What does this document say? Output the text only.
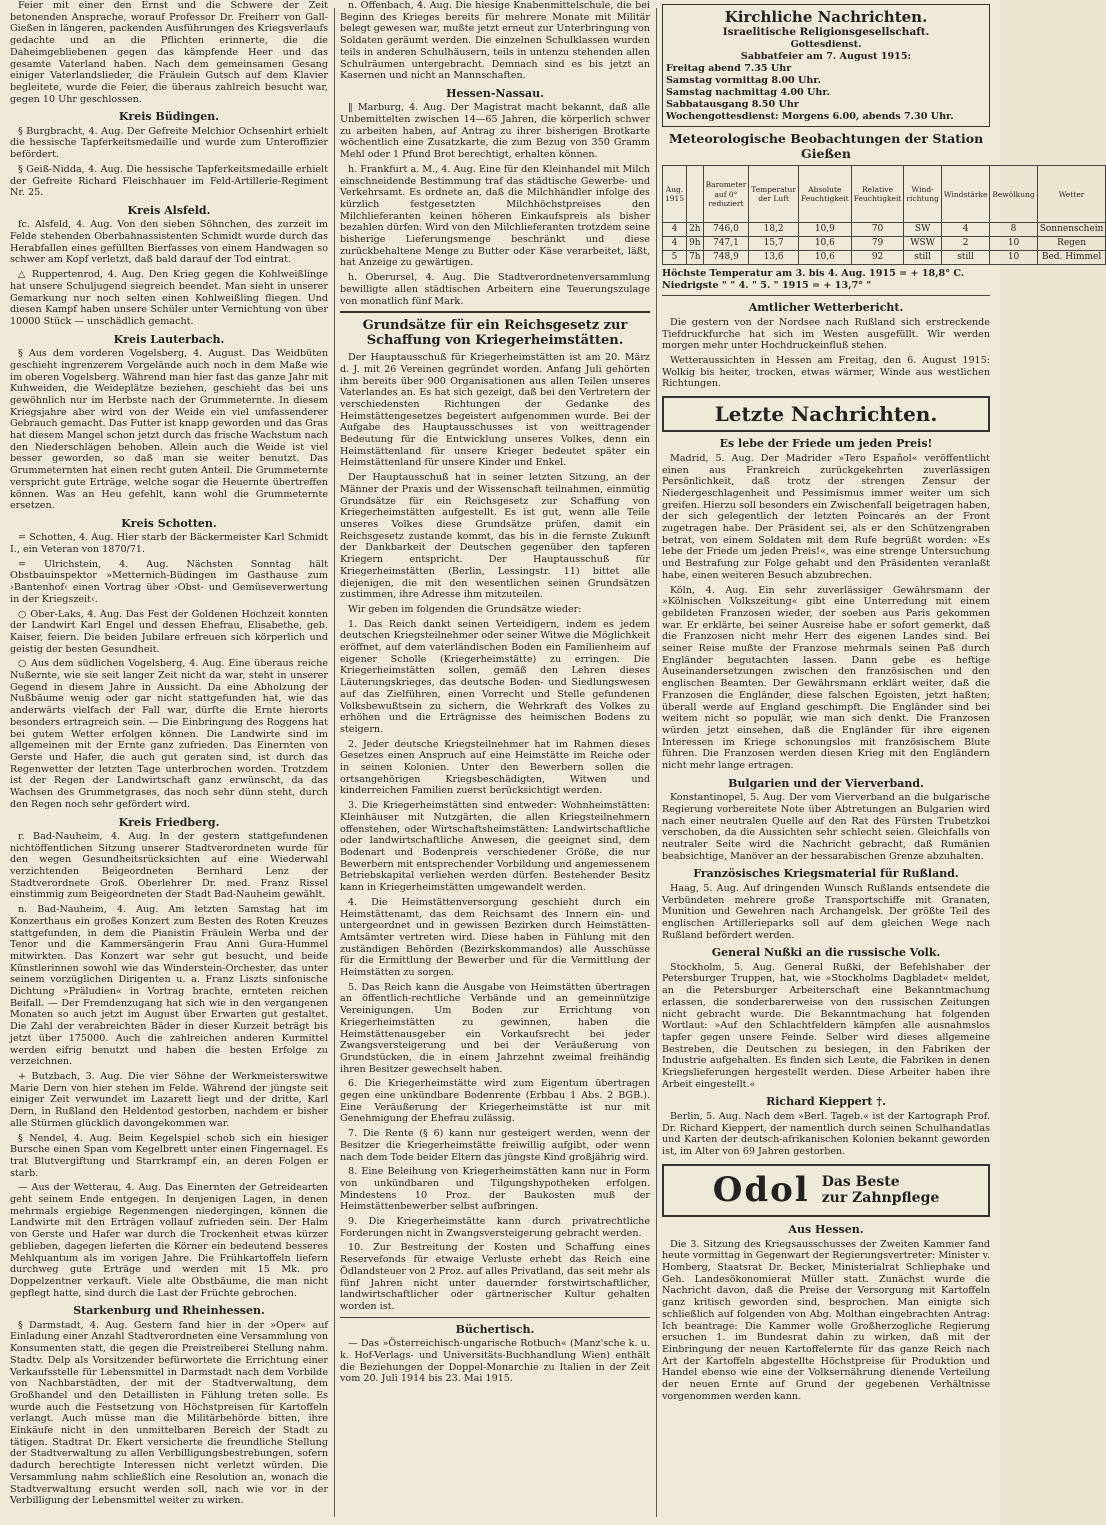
Feier mit einer den Ernst und die Schwere der Zeit betonenden Ansprache, worauf Professor Dr. Freiherr von Gall-Gießen in längeren, packenden Ausführungen des Kriegsverlaufs gedachte und an die Pflichten erinnerte, die die Daheimgebliebenen gegen das kämpfende Heer und das gesamte Vaterland haben. Nach dem gemeinsamen Gesang einiger Vaterlandslieder, die Fräulein Gutsch auf dem Klavier begleitete, wurde die Feier, die überaus zahlreich besucht war, gegen 10 Uhr geschlossen.

Kreis Büdingen.

§ Burgbracht, 4. Aug. Der Gefreite Melchior Ochsenhirt erhielt die hessische Tapferkeitsmedaille und wurde zum Unteroffizier befördert.

§ Geiß-Nidda, 4. Aug. Die hessische Tapferkeitsmedaille erhielt der Gefreite Richard Fleischhauer im Feld-Artillerie-Regiment Nr. 25.

Kreis Alsfeld.

fc. Alsfeld, 4. Aug. Von den sieben Söhnchen, des zurzeit im Felde stehenden Oberbahnassistenten Schmidt wurde durch das Herabfallen eines gefüllten Bierfasses von einem Handwagen so schwer am Kopf verletzt, daß bald darauf der Tod eintrat.

△ Ruppertenrod, 4. Aug. Den Krieg gegen die Kohlweißlinge hat unsere Schuljugend siegreich beendet. Man sieht in unserer Gemarkung nur noch selten einen Kohlweißling fliegen. Und diesen Kampf haben unsere Schüler unter Vernichtung von über 10000 Stück — unschädlich gemacht.

Kreis Lauterbach.

§ Aus dem vorderen Vogelsberg, 4. August. Das Weidbüten geschieht ingrenzerem Vorgelände auch noch in dem Maße wie im oberen Vogelsberg. Während man hier fast das ganze Jahr mit Kuhweiden, die Weideplätze beziehen, geschieht das bei uns gewöhnlich nur im Herbste nach der Grummeternte. In diesem Kriegsjahre aber wird von der Weide ein viel umfassenderer Gebrauch gemacht. Das Futter ist knapp geworden und das Gras hat diesem Mangel schon jetzt durch das frische Wachstum nach den Niederschlägen behoben. Allein auch die Weide ist viel besser geworden, so daß man sie weiter benutzt. Das Grummeternten hat einen recht guten Anteil. Die Grummeternte verspricht gute Erträge, welche sogar die Heuernte übertreffen können. Was an Heu gefehlt, kann wohl die Grummeternte ersetzen.

Kreis Schotten.

= Schotten, 4. Aug. Hier starb der Bäckermeister Karl Schmidt I., ein Veteran von 1870/71.

= Ulrichstein, 4. Aug. Nächsten Sonntag hält Obstbauinspektor »Metternich-Büdingen im Gasthause zum ›Bantenhof‹ einen Vortrag über ›Obst- und Gemüseverwertung in der Kriegszeit‹.

○ Ober-Laks, 4. Aug. Das Fest der Goldenen Hochzeit konnten der Landwirt Karl Engel und dessen Ehefrau, Elisabethe, geb. Kaiser, feiern. Die beiden Jubilare erfreuen sich körperlich und geistig der besten Gesundheit.

○ Aus dem südlichen Vogelsberg, 4. Aug. Eine überaus reiche Nußernte, wie sie seit langer Zeit nicht da war, steht in unserer Gegend in diesem Jahre in Aussicht. Da eine Abholzung der Nußbäume wenig oder gar nicht stattgefunden hat, wie das anderwärts vielfach der Fall war, dürfte die Ernte hierorts besonders ertragreich sein. — Die Einbringung des Roggens hat bei gutem Wetter erfolgen können. Die Landwirte sind im allgemeinen mit der Ernte ganz zufrieden. Das Einernten von Gerste und Hafer, die auch gut geraten sind, ist durch das Regenwetter der letzten Tage unterbrochen worden. Trotzdem ist der Regen der Landwirtschaft ganz erwünscht, da das Wachsen des Grummetgrases, das noch sehr dünn steht, durch den Regen noch sehr gefördert wird.

Kreis Friedberg.

r. Bad-Nauheim, 4. Aug. In der gestern stattgefundenen nichtöffentlichen Sitzung unserer Stadtverordneten wurde für den wegen Gesundheitsrücksichten auf eine Wiederwahl verzichtenden Beigeordneten Bernhard Lenz der Stadtverordnete Groß. Oberlehrer Dr. med. Franz Rissel einstimmig zum Beigeordneten der Stadt Bad-Nauheim gewählt.

n. Bad-Nauheim, 4. Aug. Am letzten Samstag hat im Konzerthaus ein großes Konzert zum Besten des Roten Kreuzes stattgefunden, in dem die Pianistin Fräulein Werba und der Tenor und die Kammersängerin Frau Anni Gura-Hummel mitwirkten. Das Konzert war sehr gut besucht, und beide Künstlerinnen sowohl wie das Winderstein-Orchester, das unter seinem vorzüglichen Dirigenten u. a. Franz Liszts sinfonische Dichtung »Präludien« in Vortrag brachte, ernteten reichen Beifall. — Der Fremdenzugang hat sich wie in den vergangenen Monaten so auch jetzt im August über Erwarten gut gestaltet. Die Zahl der verabreichten Bäder in dieser Kurzeit beträgt bis jetzt über 175000. Auch die zahlreichen anderen Kurmittel werden eifrig benutzt und haben die besten Erfolge zu verzeichnen.

+ Butzbach, 3. Aug. Die vier Söhne der Werkmeisterswitwe Marie Dern von hier stehen im Felde. Während der jüngste seit einiger Zeit verwundet im Lazarett liegt und der dritte, Karl Dern, in Rußland den Heldentod gestorben, nachdem er bisher alle Stürmen glücklich davongekommen war.

§ Nendel, 4. Aug. Beim Kegelspiel schob sich ein hiesiger Bursche einen Span vom Kegelbrett unter einen Fingernagel. Es trat Blutvergiftung und Starrkrampf ein, an deren Folgen er starb.

— Aus der Wetterau, 4. Aug. Das Einernten der Getreidearten geht seinem Ende entgegen. In denjenigen Lagen, in denen mehrmals ergiebige Regenmengen niedergingen, können die Landwirte mit den Erträgen vollauf zufrieden sein. Der Halm von Gerste und Hafer war durch die Trockenheit etwas kürzer geblieben, dagegen lieferten die Körner ein bedeutend besseres Mehlquantum als im vorigen Jahre. Die Frühkartoffeln liefern durchweg gute Erträge und werden mit 15 Mk. pro Doppelzentner verkauft. Viele alte Obstbäume, die man nicht gepflegt hatte, sind durch die Last der Früchte gebrochen.

Starkenburg und Rheinhessen.

§ Darmstadt, 4. Aug. Gestern fand hier in der »Oper« auf Einladung einer Anzahl Stadtverordneten eine Versammlung von Konsumenten statt, die gegen die Preistreiberei Stellung nahm. Stadtv. Delp als Vorsitzender befürwortete die Errichtung einer Verkaufsstelle für Lebensmittel in Darmstadt nach dem Vorbilde von Nachbarstädten, der mit der Stadtverwaltung, dem Großhandel und den Detaillisten in Fühlung treten solle. Es wurde auch die Festsetzung von Höchstpreisen für Kartoffeln verlangt. Auch müsse man die Militärbehörde bitten, ihre Einkäufe nicht in den unmittelbaren Bereich der Stadt zu tätigen. Stadtrat Dr. Ekert versicherte die freundliche Stellung der Stadtverwaltung zu allen Verbilligungsbestrebungen, sofern dadurch berechtigte Interessen nicht verletzt würden. Die Versammlung nahm schließlich eine Resolution an, wonach die Stadtverwaltung ersucht werden soll, nach wie vor in der Verbilligung der Lebensmittel weiter zu wirken.

n. Offenbach, 4. Aug. Die hiesige Knabenmittelschule, die bei Beginn des Krieges bereits für mehrere Monate mit Militär belegt gewesen war, mußte jetzt erneut zur Unterbringung von Soldaten geräumt werden. Die einzelnen Schulklassen wurden teils in anderen Schulhäusern, teils in untenzu stehenden allen Schulräumen untergebracht. Demnach sind es bis jetzt an Kasernen und nicht an Mannschaften.

Hessen-Nassau.

‖ Marburg, 4. Aug. Der Magistrat macht bekannt, daß alle Unbemittelten zwischen 14—65 Jahren, die körperlich schwer zu arbeiten haben, auf Antrag zu ihrer bisherigen Brotkarte wöchentlich eine Zusatzkarte, die zum Bezug von 350 Gramm Mehl oder 1 Pfund Brot berechtigt, erhalten können.

h. Frankfurt a. M., 4. Aug. Eine für den Kleinhandel mit Milch einschneidende Bestimmung traf das städtische Gewerbe- und Verkehrsamt. Es ordnete an, daß die Milchhändler infolge des kürzlich festgesetzten Milchhöchstpreises den Milchlieferanten keinen höheren Einkaufspreis als bisher bezahlen dürfen. Wird von den Milchlieferanten trotzdem seine bisherige Lieferungsmenge beschränkt und diese zurückbehaltene Menge zu Butter oder Käse verarbeitet, läßt, hat Anzeige zu gewärtigen.

h. Oberursel, 4. Aug. Die Stadtverordnetenversammlung bewilligte allen städtischen Arbeitern eine Teuerungszulage von monatlich fünf Mark.

Grundsätze für ein Reichsgesetz zur Schaffung von Kriegerheimstätten.

Der Hauptausschuß für Kriegerheimstätten ist am 20. März d. J. mit 26 Vereinen gegründet worden. Anfang Juli gehörten ihm bereits über 900 Organisationen aus allen Teilen unseres Vaterlandes an. Es hat sich gezeigt, daß bei den Vertretern der verschiedensten Richtungen der Gedanke des Heimstättengesetzes begeistert aufgenommen wurde. Bei der Aufgabe des Hauptausschusses ist von weittragender Bedeutung für die Entwicklung unseres Volkes, denn ein Heimstättenland für unsere Krieger bedeutet später ein Heimstättenland für unsere Kinder und Enkel.

Der Hauptausschuß hat in seiner letzten Sitzung, an der Männer der Praxis und der Wissenschaft teilnahmen, einmütig Grundsätze für ein Reichsgesetz zur Schaffung von Kriegerheimstätten aufgestellt. Es ist gut, wenn alle Teile unseres Volkes diese Grundsätze prüfen, damit ein Reichsgesetz zustande kommt, das bis in die fernste Zukunft der Dankbarkeit der Deutschen gegenüber den tapferen Kriegern entspricht. Der Hauptausschuß für Kriegerheimstätten (Berlin, Lessingstr. 11) bittet alle diejenigen, die mit den wesentlichen seinen Grundsätzen zustimmen, ihre Adresse ihm mitzuteilen.

Wir geben im folgenden die Grundsätze wieder:

1. Das Reich dankt seinen Verteidigern, indem es jedem deutschen Kriegsteilnehmer oder seiner Witwe die Möglichkeit eröffnet, auf dem vaterländischen Boden ein Familienheim auf eigener Scholle (Kriegerheimstätte) zu erringen. Die Kriegerheimstätten sollen, gemäß den Lehren dieses Läuterungskrieges, das deutsche Boden- und Siedlungswesen auf das Zielführen, einen Vorrecht und Stelle gefundenen Volksbewußtsein zu sichern, die Wehrkraft des Volkes zu erhöhen und die Erträgnisse des heimischen Bodens zu steigern.

2. Jeder deutsche Kriegsteilnehmer hat im Rahmen dieses Gesetzes einen Anspruch auf eine Heimstätte im Reiche oder in seinen Kolonien. Unter den Bewerbern sollen die ortsangehörigen Kriegsbeschädigten, Witwen und kinderreichen Familien zuerst berücksichtigt werden.

3. Die Kriegerheimstätten sind entweder: Wohnheimstätten: Kleinhäuser mit Nutzgärten, die allen Kriegsteilnehmern offenstehen, oder Wirtschaftsheimstätten: Landwirtschaftliche oder landwirtschaftliche Anwesen, die geeignet sind, dem Bodenart und Bodenpreis verschiedener Größe, die nur Bewerbern mit entsprechender Vorbildung und angemessenem Betriebskapital verliehen werden dürfen. Bestehender Besitz kann in Kriegerheimstätten umgewandelt werden.

4. Die Heimstättenversorgung geschieht durch ein Heimstättenamt, das dem Reichsamt des Innern ein- und untergeordnet und in gewissen Bezirken durch Heimstätten-Amtsämter vertreten wird. Diese haben in Fühlung mit den zuständigen Behörden (Bezirkskommandos) alle Ausschüsse für die Ermittlung der Bewerber und für die Vermittlung der Heimstätten zu sorgen.

5. Das Reich kann die Ausgabe von Heimstätten übertragen an öffentlich-rechtliche Verbände und an gemeinnützige Vereinigungen. Um Boden zur Errichtung von Kriegerheimstätten zu gewinnen, haben die Heimstättenausgeber ein Vorkaufsrecht bei jeder Zwangsversteigerung und bei der Veräußerung von Grundstücken, die in einem Jahrzehnt zweimal freihändig ihren Besitzer gewechselt haben.

6. Die Kriegerheimstätte wird zum Eigentum übertragen gegen eine unkündbare Bodenrente (Erbbau 1 Abs. 2 BGB.). Eine Veräußerung der Kriegerheimstätte ist nur mit Genehmigung der Ehefrau zulässig.

7. Die Rente (§ 6) kann nur gesteigert werden, wenn der Besitzer die Kriegerheimstätte freiwillig aufgibt, oder wenn nach dem Tode beider Eltern das jüngste Kind großjährig wird.

8. Eine Beleihung von Kriegerheimstätten kann nur in Form von unkündbaren und Tilgungshypotheken erfolgen. Mindestens 10 Proz. der Baukosten muß der Heimstättenbewerber selbst aufbringen.

9. Die Kriegerheimstätte kann durch privatrechtliche Forderungen nicht in Zwangsversteigerung gebracht werden.

10. Zur Bestreitung der Kosten und Schaffung eines Reservefonds für etwaige Verluste erhebt das Reich eine Ödlandsteuer von 2 Proz. auf alles Privatland, das seit mehr als fünf Jahren nicht unter dauernder forstwirtschaftlicher, landwirtschaftlicher oder gärtnerischer Kultur gehalten worden ist.

Büchertisch.

— Das »Österreichisch-ungarische Rotbuch« (Manz'sche k. u. k. Hof-Verlags- und Universitäts-Buchhandlung Wien) enthält die Beziehungen der Doppel-Monarchie zu Italien in der Zeit vom 20. Juli 1914 bis 23. Mai 1915.

Kirchliche Nachrichten.
Israelitische Religionsgesellschaft.
Gottesdienst.
Sabbatfeier am 7. August 1915:
Freitag abend 7.35 Uhr
Samstag vormittag 8.00 Uhr.
Samstag nachmittag 4.00 Uhr.
Sabbatausgang 8.50 Uhr
Wochengottesdienst: Morgens 6.00, abends 7.30 Uhr.
Meteorologische Beobachtungen der Station Gießen
Aug. 1915		Barometer auf 0° reduziert	Temperatur der Luft	Absolute Feuchtigkeit	Relative Feuchtigkeit	Wind-richtung	Windstärke	Bewölkung	Wetter
4	2h	746,0	18,2	10,9	70	SW	4	8	Sonnenschein
4	9h	747,1	15,7	10,6	79	WSW	2	10	Regen
5	7h	748,9	13,6	10,6	92	still	still	10	Bed. Himmel
Höchste Temperatur am 3. bis 4. Aug. 1915 = + 18,8° C.
Niedrigste " " 4. " 5. " 1915 = + 13,7° "
Amtlicher Wetterbericht.

Die gestern von der Nordsee nach Rußland sich erstreckende Tiefdruckfurche hat sich im Westen ausgefüllt. Wir werden morgen mehr unter Hochdruckeinfluß stehen.

Wetteraussichten in Hessen am Freitag, den 6. August 1915: Wolkig bis heiter, trocken, etwas wärmer, Winde aus westlichen Richtungen.

Letzte Nachrichten.
Es lebe der Friede um jeden Preis!

Madrid, 5. Aug. Der Madrider »Tero Español« veröffentlicht einen aus Frankreich zurückgekehrten zuverlässigen Persönlichkeit, daß trotz der strengen Zensur der Niedergeschlagenheit und Pessimismus immer weiter um sich greifen. Hierzu soll besonders ein Zwischenfall beigetragen haben, der sich gelegentlich der letzten Poincarés an der Front zugetragen habe. Der Präsident sei, als er den Schützengraben betrat, von einem Soldaten mit dem Rufe begrüßt worden: »Es lebe der Friede um jeden Preis!«, was eine strenge Untersuchung und Bestrafung zur Folge gehabt und den Präsidenten veranlaßt habe, einen weiteren Besuch abzubrechen.

Köln, 4. Aug. Ein sehr zuverlässiger Gewährsmann der »Kölnischen Volkszeitung« gibt eine Unterredung mit einem gebildeten Franzosen wieder, der soeben aus Paris gekommen war. Er erklärte, bei seiner Ausreise habe er sofort gemerkt, daß die Franzosen nicht mehr Herr des eigenen Landes sind. Bei seiner Reise mußte der Franzose mehrmals seinen Paß durch Engländer begutachten lassen. Dann gebe es heftige Auseinandersetzungen zwischen den französischen und den englischen Beamten. Der Gewährsmann erklärt weiter, daß die Franzosen die Engländer, diese falschen Egoisten, jetzt haßten; überall werde auf England geschimpft. Die Engländer sind bei weitem nicht so populär, wie man sich denkt. Die Franzosen würden jetzt einsehen, daß die Engländer für ihre eigenen Interessen im Kriege schonungslos mit französischem Blute führen. Die Franzosen werden diesen Krieg mit den Engländern nicht mehr lange ertragen.

Bulgarien und der Vierverband.

Konstantinopel, 5. Aug. Der vom Vierverband an die bulgarische Regierung vorbereitete Note über Abtretungen an Bulgarien wird nach einer neutralen Quelle auf den Rat des Fürsten Trubetzkoi verschoben, da die Aussichten sehr schlecht seien. Gleichfalls von neutraler Seite wird die Nachricht gebracht, daß Rumänien beabsichtige, Manöver an der bessarabischen Grenze abzuhalten.

Französisches Kriegsmaterial für Rußland.

Haag, 5. Aug. Auf dringenden Wunsch Rußlands entsendete die Verbündeten mehrere große Transportschiffe mit Granaten, Munition und Gewehren nach Archangelsk. Der größte Teil des englischen Artillerieparks soll auf dem gleichen Wege nach Rußland befördert werden.

General Nußki an die russische Volk.

Stockholm, 5. Aug. General Rußki, der Befehlshaber der Petersburger Truppen, hat, wie »Stockholms Dagbladet« meldet, an die Petersburger Arbeiterschaft eine Bekanntmachung erlassen, die sonderbarerweise von den russischen Zeitungen nicht gebracht wurde. Die Bekanntmachung hat folgenden Wortlaut: »Auf den Schlachtfeldern kämpfen alle ausnahmslos tapfer gegen unsere Feinde. Selber wird dieses allgemeine Bestreben, die Deutschen zu besiegen, in den Fabriken der Industrie aufgehalten. Es finden sich Leute, die Fabriken in denen Kriegslieferungen hergestellt werden. Diese Arbeiter haben ihre Arbeit eingestellt.«

Richard Kieppert †.

Berlin, 5. Aug. Nach dem »Berl. Tageb.« ist der Kartograph Prof. Dr. Richard Kieppert, der namentlich durch seinen Schulhandatlas und Karten der deutsch-afrikanischen Kolonien bekannt geworden ist, im Alter von 69 Jahren gestorben.

Odol Das Beste
zur Zahnpflege
Aus Hessen.

Die 3. Sitzung des Kriegsausschusses der Zweiten Kammer fand heute vormittag in Gegenwart der Regierungsvertreter: Minister v. Homberg, Staatsrat Dr. Becker, Ministerialrat Schliephake und Geh. Landesökonomierat Müller statt. Zunächst wurde die Nachricht davon, daß die Preise der Versorgung mit Kartoffeln ganz kritisch geworden sind, besprochen. Man einigte sich schließlich auf folgenden von Abg. Molthan eingebrachten Antrag: Ich beantrage: Die Kammer wolle Großherzogliche Regierung ersuchen 1. im Bundesrat dahin zu wirken, daß mit der Einbringung der neuen Kartoffelernte für das ganze Reich nach Art der Kartoffeln abgestellte Höchstpreise für Produktion und Handel ebenso wie eine der Volksernährung dienende Verteilung der neuen Ernte auf Grund der gegebenen Verhältnisse vorgenommen werden kann.
